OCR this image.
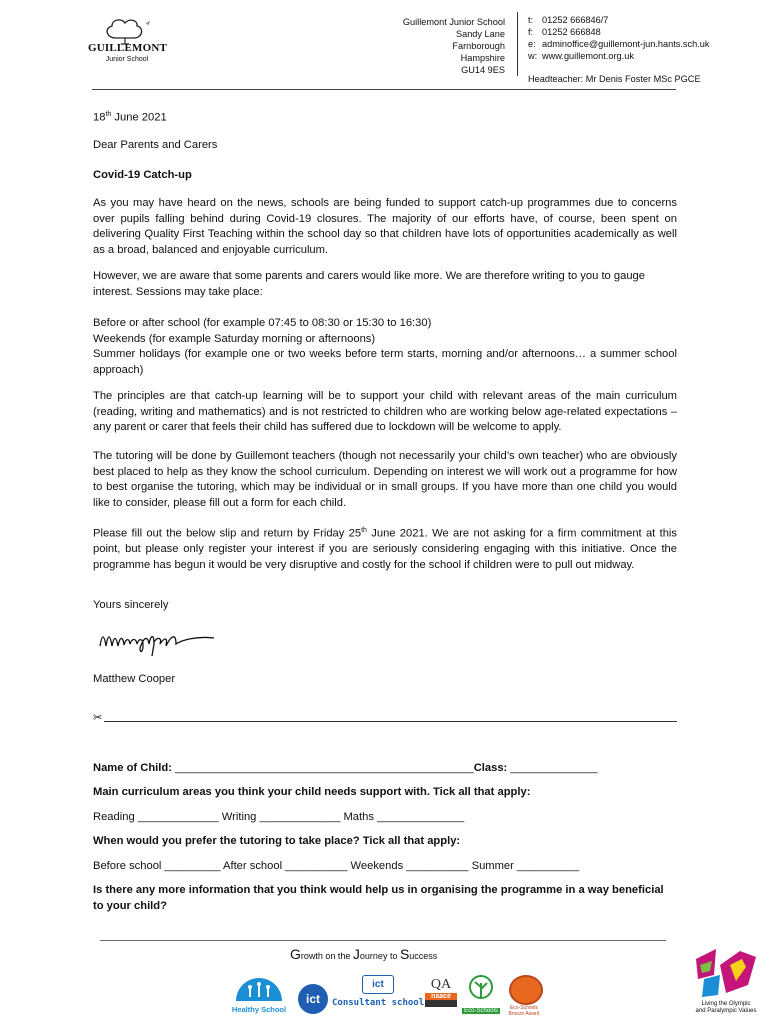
GUILLEMONT
Junior School
Guillemont Junior School
Sandy Lane
Farnborough
Hampshire
GU14 9ES
t: 01252 666846/7
f: 01252 666848
e: adminoffice@guillemont-jun.hants.sch.uk
w: www.guillemont.org.uk
Headteacher: Mr Denis Foster MSc PGCE
18th June 2021
Dear Parents and Carers
Covid-19 Catch-up
As you may have heard on the news, schools are being funded to support catch-up programmes due to concerns over pupils falling behind during Covid-19 closures. The majority of our efforts have, of course, been spent on delivering Quality First Teaching within the school day so that children have lots of opportunities academically as well as a broad, balanced and enjoyable curriculum.
However, we are aware that some parents and carers would like more. We are therefore writing to you to gauge interest. Sessions may take place:
Before or after school (for example 07:45 to 08:30 or 15:30 to 16:30)
Weekends (for example Saturday morning or afternoons)
Summer holidays (for example one or two weeks before term starts, morning and/or afternoons… a summer school approach)
The principles are that catch-up learning will be to support your child with relevant areas of the main curriculum (reading, writing and mathematics) and is not restricted to children who are working below age-related expectations – any parent or carer that feels their child has suffered due to lockdown will be welcome to apply.
The tutoring will be done by Guillemont teachers (though not necessarily your child’s own teacher) who are obviously best placed to help as they know the school curriculum. Depending on interest we will work out a programme for how to best organise the tutoring, which may be individual or in small groups. If you have more than one child you would like to consider, please fill out a form for each child.
Please fill out the below slip and return by Friday 25th June 2021. We are not asking for a firm commitment at this point, but please only register your interest if you are seriously considering engaging with this initiative. Once the programme has begun it would be very disruptive and costly for the school if children were to pull out midway.
Yours sincerely
Matthew Cooper
✂
Name of Child: ________________________________________________Class: ______________
Main curriculum areas you think your child needs support with. Tick all that apply:
Reading _____________ Writing _____________ Maths ______________
When would you prefer the tutoring to take place? Tick all that apply:
Before school _________ After school __________ Weekends __________ Summer __________
Is there any more information that you think would help us in organising the programme in a way beneficial to your child?
Growth on the Journey to Success
Healthy School
ict
ict
Consultant school
QA
naace
Eco-Schools	Eco-Schools Bronze Award
Living the Olympic
and Paralympic Values
